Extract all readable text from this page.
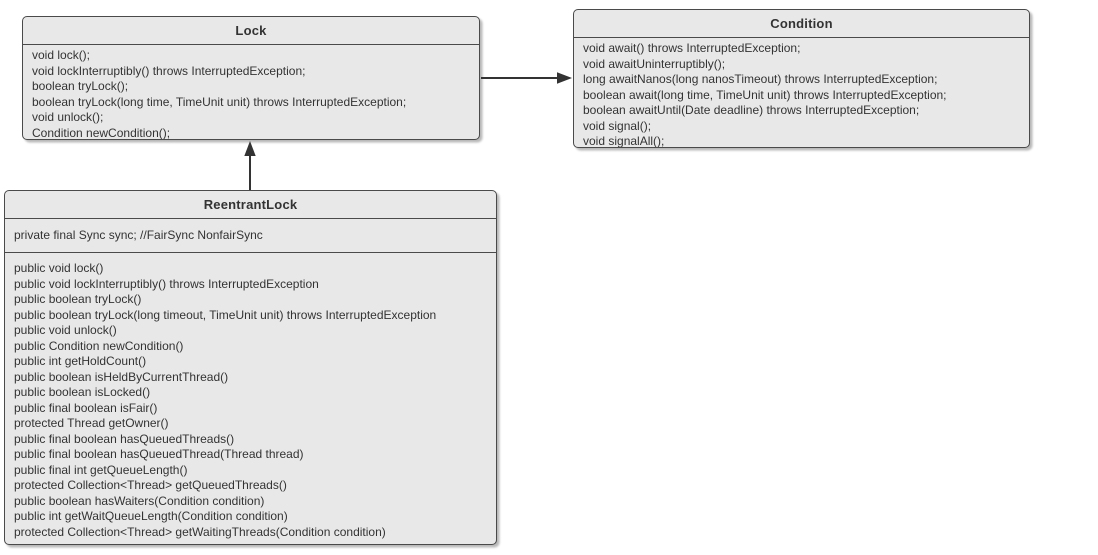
Lock
void lock();
void lockInterruptibly() throws InterruptedException;
boolean tryLock();
boolean tryLock(long time, TimeUnit unit) throws InterruptedException;
void unlock();
Condition newCondition();
Condition
void await() throws InterruptedException;
void awaitUninterruptibly();
long awaitNanos(long nanosTimeout) throws InterruptedException;
boolean await(long time, TimeUnit unit) throws InterruptedException;
boolean awaitUntil(Date deadline) throws InterruptedException;
void signal();
void signalAll();
ReentrantLock
private final Sync sync; //FairSync NonfairSync
public void lock()
public void lockInterruptibly() throws InterruptedException
public boolean tryLock()
public boolean tryLock(long timeout, TimeUnit unit) throws InterruptedException
public void unlock()
public Condition newCondition()
public int getHoldCount()
public boolean isHeldByCurrentThread()
public boolean isLocked()
public final boolean isFair()
protected Thread getOwner()
public final boolean hasQueuedThreads()
public final boolean hasQueuedThread(Thread thread)
public final int getQueueLength()
protected Collection<Thread> getQueuedThreads()
public boolean hasWaiters(Condition condition)
public int getWaitQueueLength(Condition condition)
protected Collection<Thread> getWaitingThreads(Condition condition)
